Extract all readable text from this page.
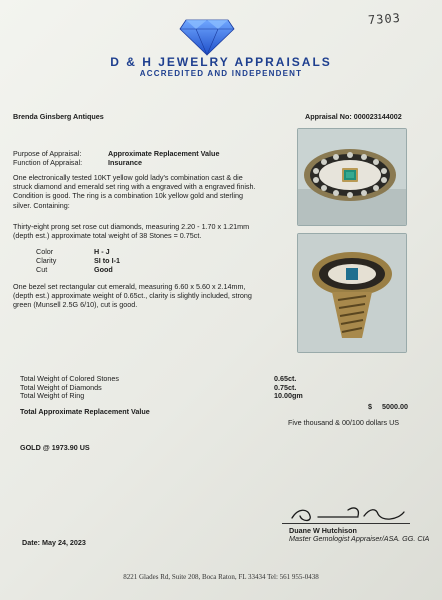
7303
D & H JEWELRY APPRAISALS
ACCREDITED AND INDEPENDENT
Brenda Ginsberg Antiques	Appraisal No: 000023144002
Purpose of Appraisal:	Approximate Replacement Value
Function of Appraisal:	Insurance
One electronically tested 10KT yellow gold lady's combination cast & die
struck diamond and emerald set ring with a engraved with a engraved finish.
Condition is good. The ring is a combination 10k yellow gold and sterling
silver. Containing:
Thirty-eight prong set rose cut diamonds, measuring 2.20 - 1.70 x 1.21mm
(depth est.) approximate total weight of 38 Stones = 0.75ct.
Color	H - J
Clarity	SI to I-1
Cut	Good
One bezel set rectangular cut emerald, measuring 6.60 x 5.60 x 2.14mm,
(depth est.) approximate weight of 0.65ct., clarity is slightly included, strong
green (Munsell 2.5G 6/10), cut is good.
Total Weight of Colored Stones	0.65ct.
Total Weight of Diamonds	0.75ct.
Total Weight of Ring	10.00gm
Total Approximate Replacement Value
$     5000.00
Five thousand & 00/100 dollars US
GOLD @ 1973.90 US
Duane W Hutchison
Master Gemologist Appraiser/ASA. GG. CIA
Date: May 24, 2023
8221 Glades Rd, Suite 208, Boca Raton, FL 33434 Tel: 561 955-0438
